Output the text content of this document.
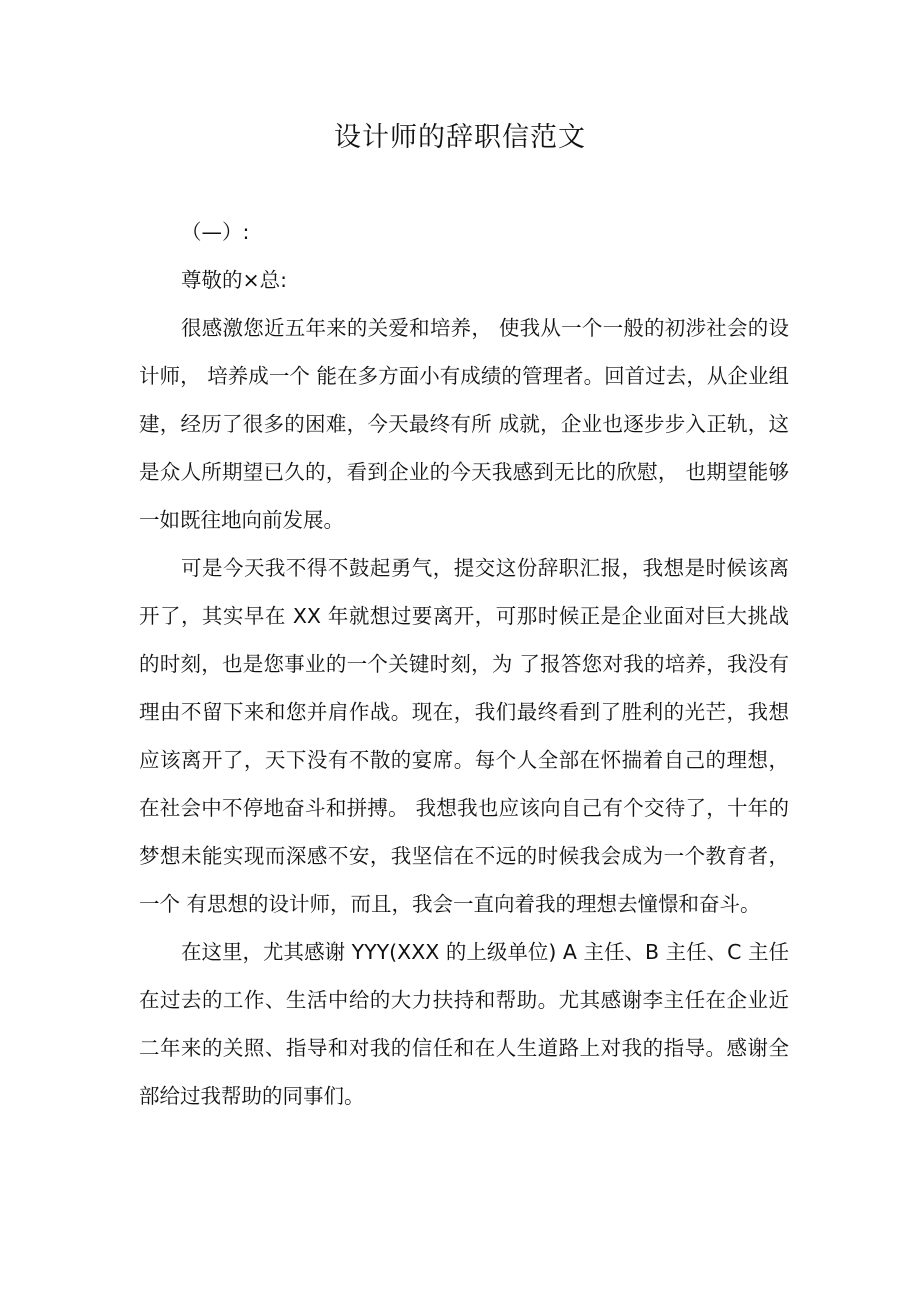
设计师的辞职信范文

（—）:

尊敬的×总:

很感激您近五年来的关爱和培养， 使我从一个一般的初涉社会的设计师， 培养成一个 能在多方面小有成绩的管理者。回首过去，从企业组建，经历了很多的困难，今天最终有所 成就，企业也逐步步入正轨，这是众人所期望已久的，看到企业的今天我感到无比的欣慰， 也期望能够一如既往地向前发展。

可是今天我不得不鼓起勇气，提交这份辞职汇报，我想是时候该离开了，其实早在 XX 年就想过要离开，可那时候正是企业面对巨大挑战的时刻，也是您事业的一个关键时刻，为 了报答您对我的培养，我没有理由不留下来和您并肩作战。现在，我们最终看到了胜利的光芒，我想应该离开了，天下没有不散的宴席。每个人全部在怀揣着自己的理想， 在社会中不停地奋斗和拼搏。 我想我也应该向自己有个交待了，十年的梦想未能实现而深感不安，我坚信在不远的时候我会成为一个教育者，一个 有思想的设计师，而且，我会一直向着我的理想去憧憬和奋斗。

在这里，尤其感谢 YYY(XXX 的上级单位) A 主任、B 主任、C 主任在过去的工作、生活中给的大力扶持和帮助。尤其感谢李主任在企业近二年来的关照、指导和对我的信任和在人生道路上对我的指导。感谢全部给过我帮助的同事们。
